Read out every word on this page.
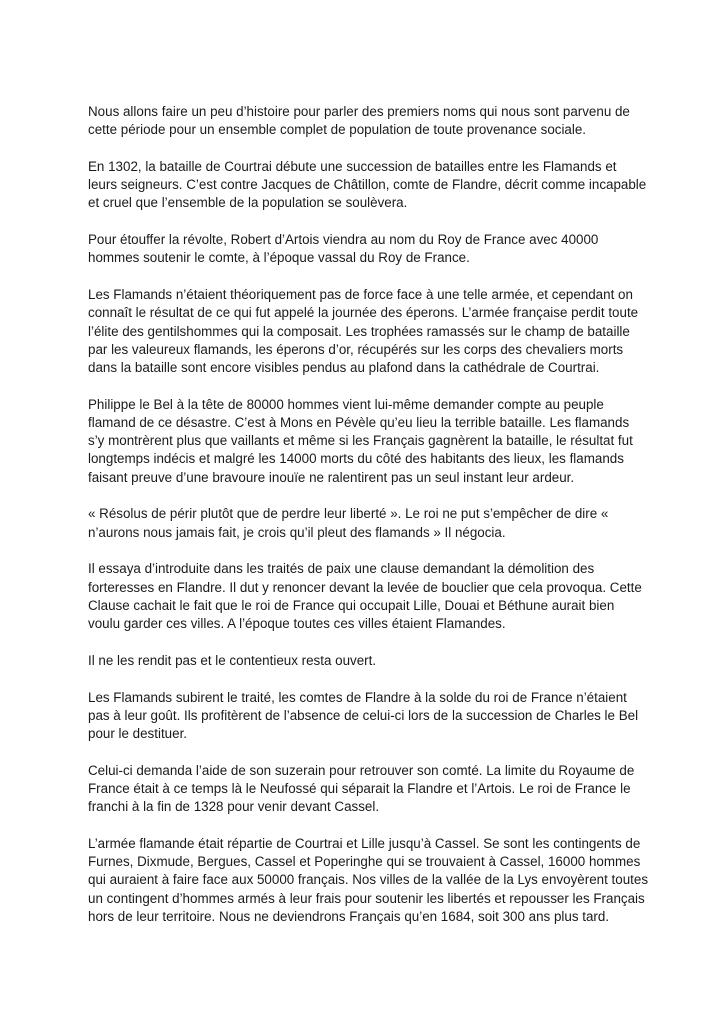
Nous allons faire un peu d’histoire pour parler des premiers noms qui nous sont parvenu de cette période pour un ensemble complet de population de toute provenance sociale.

En 1302, la bataille de Courtrai débute une succession de batailles entre les Flamands et leurs seigneurs. C’est contre Jacques de Châtillon, comte de Flandre, décrit comme incapable et cruel que l’ensemble de la population se soulèvera.

Pour étouffer la révolte, Robert d’Artois viendra au nom du Roy de France avec 40000 hommes soutenir le comte, à l’époque vassal du Roy de France.

Les Flamands n’étaient théoriquement pas de force face à une telle armée, et cependant on connaît le résultat de ce qui fut appelé la journée des éperons. L’armée française perdit toute l’élite des gentilshommes qui la composait. Les trophées ramassés sur le champ de bataille par les valeureux flamands, les éperons d’or, récupérés sur les corps des chevaliers morts dans la bataille sont encore visibles pendus au plafond dans la cathédrale de Courtrai.

Philippe le Bel à la tête de 80000 hommes vient lui-même demander compte au peuple flamand de ce désastre. C’est à Mons en Pévèle qu’eu lieu la terrible bataille. Les flamands s’y montrèrent plus que vaillants et même si les Français gagnèrent la bataille, le résultat fut longtemps indécis et malgré les 14000 morts du côté des habitants des lieux, les flamands faisant preuve d’une bravoure inouïe ne ralentirent pas un seul instant leur ardeur.

« Résolus de périr plutôt que de perdre leur liberté ». Le roi ne put s’empêcher de dire « n’aurons nous jamais fait, je crois qu’il pleut des flamands » Il négocia.

Il essaya d’introduite dans les traités de paix une clause demandant la démolition des forteresses en Flandre. Il dut y renoncer devant la levée de bouclier que cela provoqua. Cette Clause cachait le fait que le roi de France qui occupait Lille, Douai et Béthune aurait bien voulu garder ces villes. A l’époque toutes ces villes étaient Flamandes.

Il ne les rendit pas et le contentieux resta ouvert.

Les Flamands subirent le traité, les comtes de Flandre à la solde du roi de France n’étaient pas à leur goût. Ils profitèrent de l’absence de celui-ci lors de la succession de Charles le Bel pour le destituer.

Celui-ci demanda l’aide de son suzerain pour retrouver son comté. La limite du Royaume de France était à ce temps là le Neufossé qui séparait la Flandre et l’Artois. Le roi de France le franchi à la fin de 1328 pour venir devant Cassel.

L’armée flamande était répartie de Courtrai et Lille jusqu’à Cassel. Se sont les contingents de Furnes, Dixmude, Bergues, Cassel et Poperinghe qui se trouvaient à Cassel, 16000 hommes qui auraient à faire face aux 50000 français. Nos villes de la vallée de la Lys envoyèrent toutes un contingent d’hommes armés à leur frais pour soutenir les libertés et repousser les Français hors de leur territoire. Nous ne deviendrons Français qu’en 1684, soit 300 ans plus tard.
